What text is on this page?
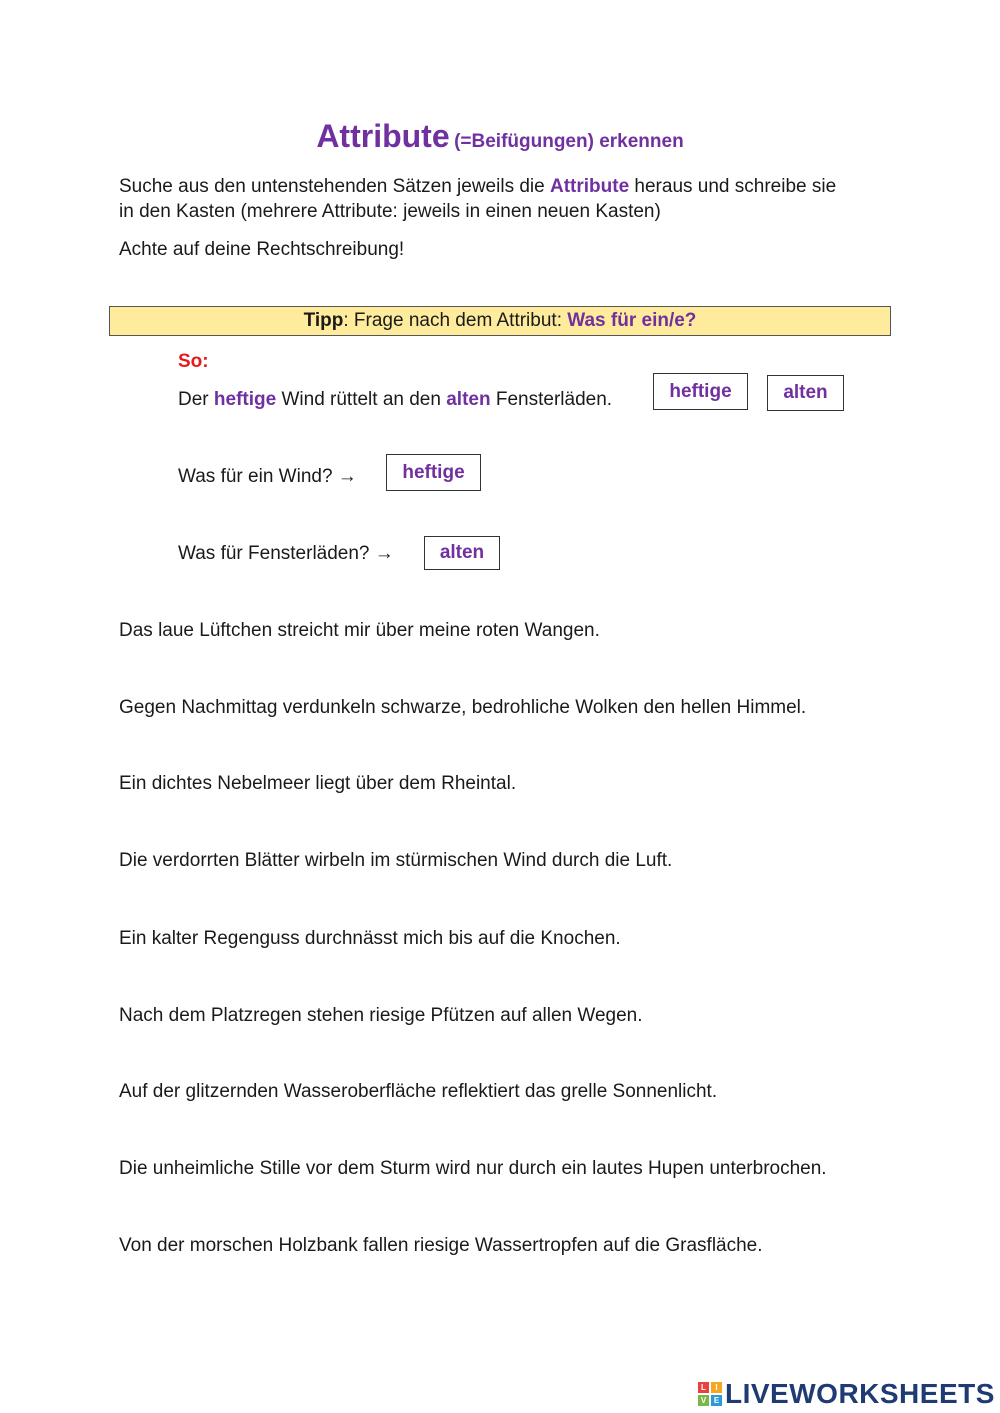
Attribute (=Beifügungen) erkennen
Suche aus den untenstehenden Sätzen jeweils die Attribute heraus und schreibe sie
in den Kasten (mehrere Attribute: jeweils in einen neuen Kasten)
Achte auf deine Rechtschreibung!
Tipp: Frage nach dem Attribut: Was für ein/e?
So:
Der heftige Wind rüttelt an den alten Fensterläden.	heftige	alten
Was für ein Wind? →	heftige
Was für Fensterläden? →	alten
Das laue Lüftchen streicht mir über meine roten Wangen.
Gegen Nachmittag verdunkeln schwarze, bedrohliche Wolken den hellen Himmel.
Ein dichtes Nebelmeer liegt über dem Rheintal.
Die verdorrten Blätter wirbeln im stürmischen Wind durch die Luft.
Ein kalter Regenguss durchnässt mich bis auf die Knochen.
Nach dem Platzregen stehen riesige Pfützen auf allen Wegen.
Auf der glitzernden Wasseroberfläche reflektiert das grelle Sonnenlicht.
Die unheimliche Stille vor dem Sturm wird nur durch ein lautes Hupen unterbrochen.
Von der morschen Holzbank fallen riesige Wassertropfen auf die Grasfläche.
L	I
V E LIVEWORKSHEETS
